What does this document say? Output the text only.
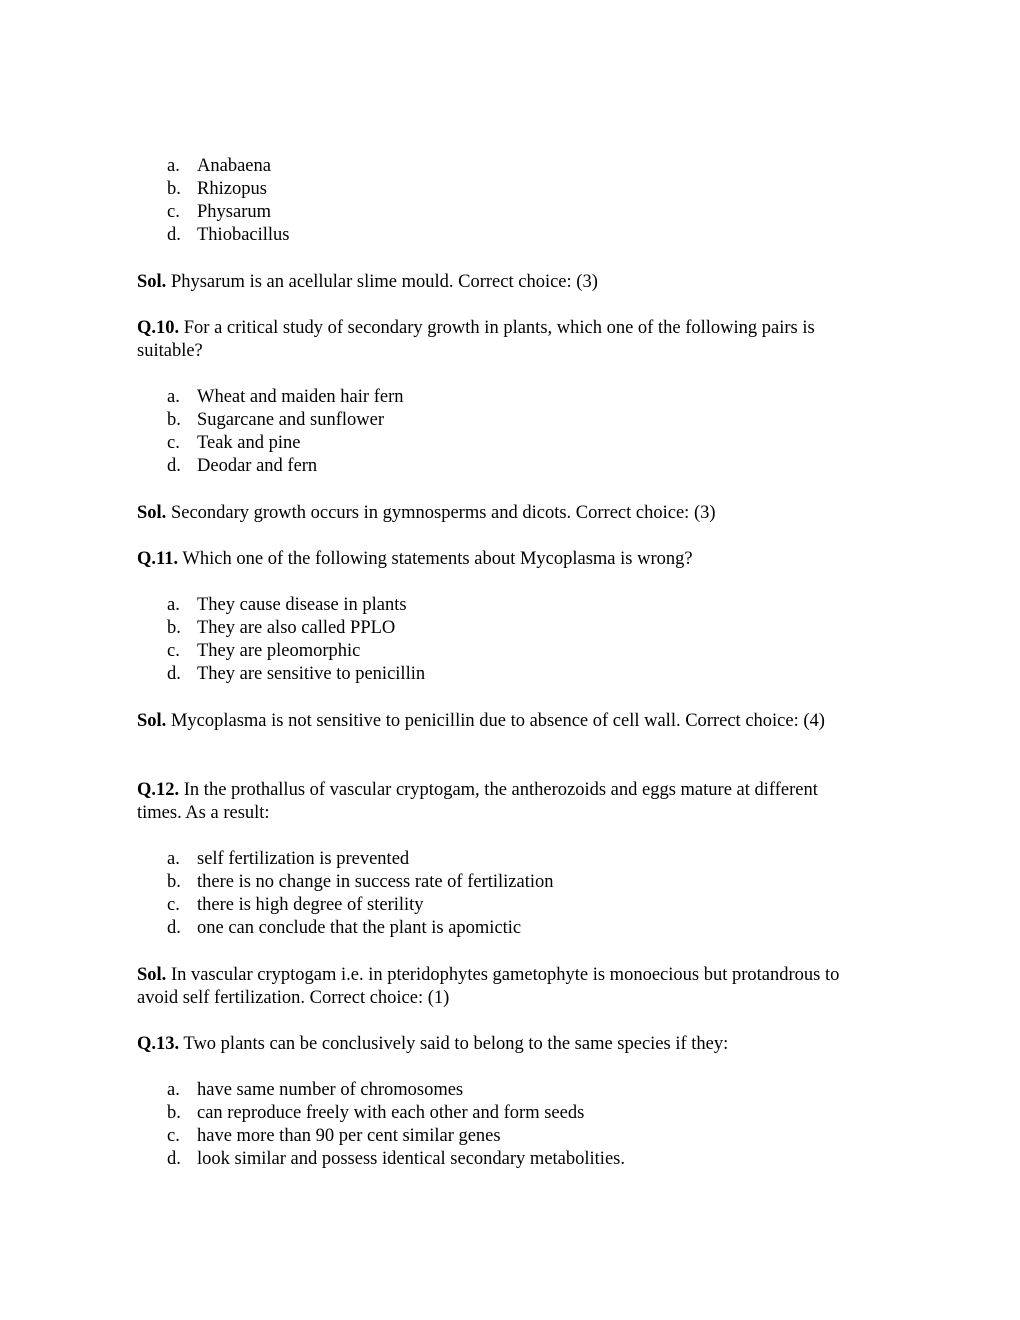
a. Anabaena
b. Rhizopus
c. Physarum
d. Thiobacillus
Sol. Physarum is an acellular slime mould. Correct choice: (3)
Q.10. For a critical study of secondary growth in plants, which one of the following pairs is suitable?
a. Wheat and maiden hair fern
b. Sugarcane and sunflower
c. Teak and pine
d. Deodar and fern
Sol. Secondary growth occurs in gymnosperms and dicots. Correct choice: (3)
Q.11. Which one of the following statements about Mycoplasma is wrong?
a. They cause disease in plants
b. They are also called PPLO
c. They are pleomorphic
d. They are sensitive to penicillin
Sol. Mycoplasma is not sensitive to penicillin due to absence of cell wall. Correct choice: (4)
Q.12. In the prothallus of vascular cryptogam, the antherozoids and eggs mature at different times. As a result:
a. self fertilization is prevented
b. there is no change in success rate of fertilization
c. there is high degree of sterility
d. one can conclude that the plant is apomictic
Sol. In vascular cryptogam i.e. in pteridophytes gametophyte is monoecious but protandrous to avoid self fertilization. Correct choice: (1)
Q.13. Two plants can be conclusively said to belong to the same species if they:
a. have same number of chromosomes
b. can reproduce freely with each other and form seeds
c. have more than 90 per cent similar genes
d. look similar and possess identical secondary metabolities.
